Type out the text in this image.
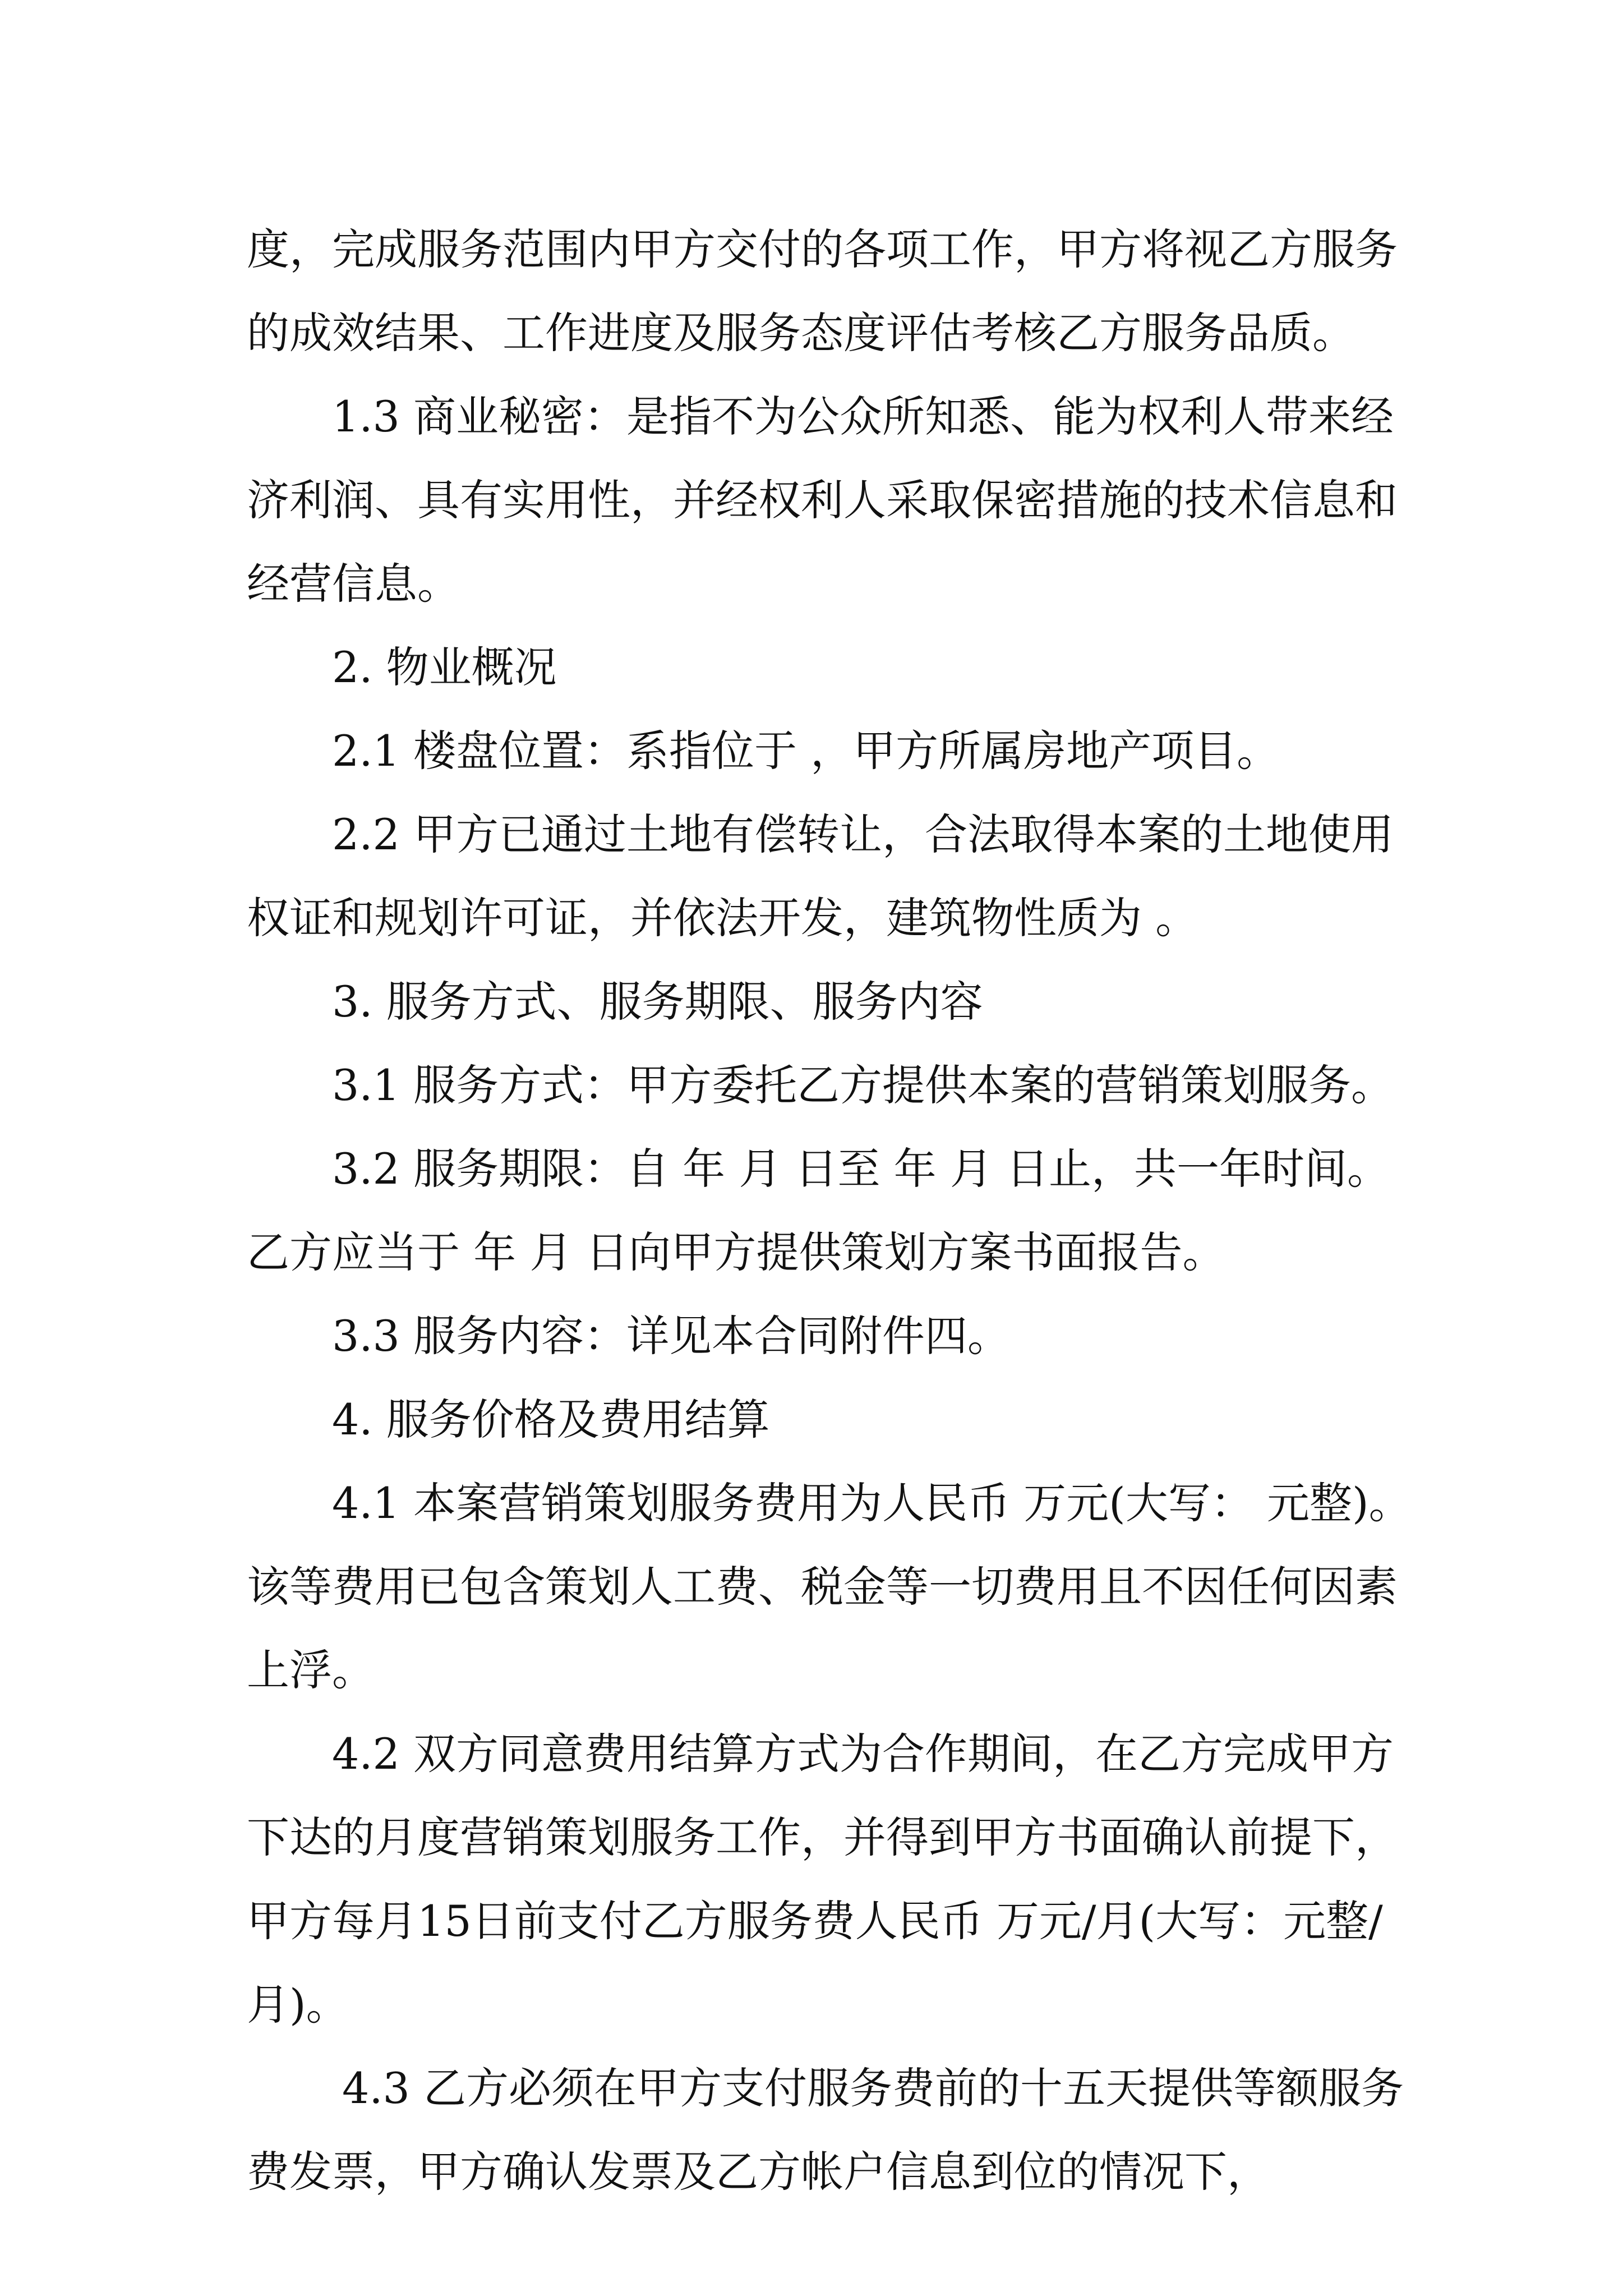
度，完成服务范围内甲方交付的各项工作，甲方将视乙方服务的成效结果、工作进度及服务态度评估考核乙方服务品质。

1.3 商业秘密：是指不为公众所知悉、能为权利人带来经济利润、具有实用性，并经权利人采取保密措施的技术信息和经营信息。

2. 物业概况

2.1 楼盘位置：系指位于 ，甲方所属房地产项目。

2.2 甲方已通过土地有偿转让，合法取得本案的土地使用权证和规划许可证，并依法开发，建筑物性质为 。

3. 服务方式、服务期限、服务内容

3.1 服务方式：甲方委托乙方提供本案的营销策划服务。

3.2 服务期限：自 年 月 日至 年 月 日止，共一年时间。乙方应当于 年 月 日向甲方提供策划方案书面报告。

3.3 服务内容：详见本合同附件四。

4. 服务价格及费用结算

4.1 本案营销策划服务费用为人民币 万元(大写： 元整)。该等费用已包含策划人工费、税金等一切费用且不因任何因素上浮。

4.2 双方同意费用结算方式为合作期间，在乙方完成甲方下达的月度营销策划服务工作，并得到甲方书面确认前提下，甲方每月15日前支付乙方服务费人民币 万元/月(大写：元整/月)。

4.3 乙方必须在甲方支付服务费前的十五天提供等额服务费发票，甲方确认发票及乙方帐户信息到位的情况下，
